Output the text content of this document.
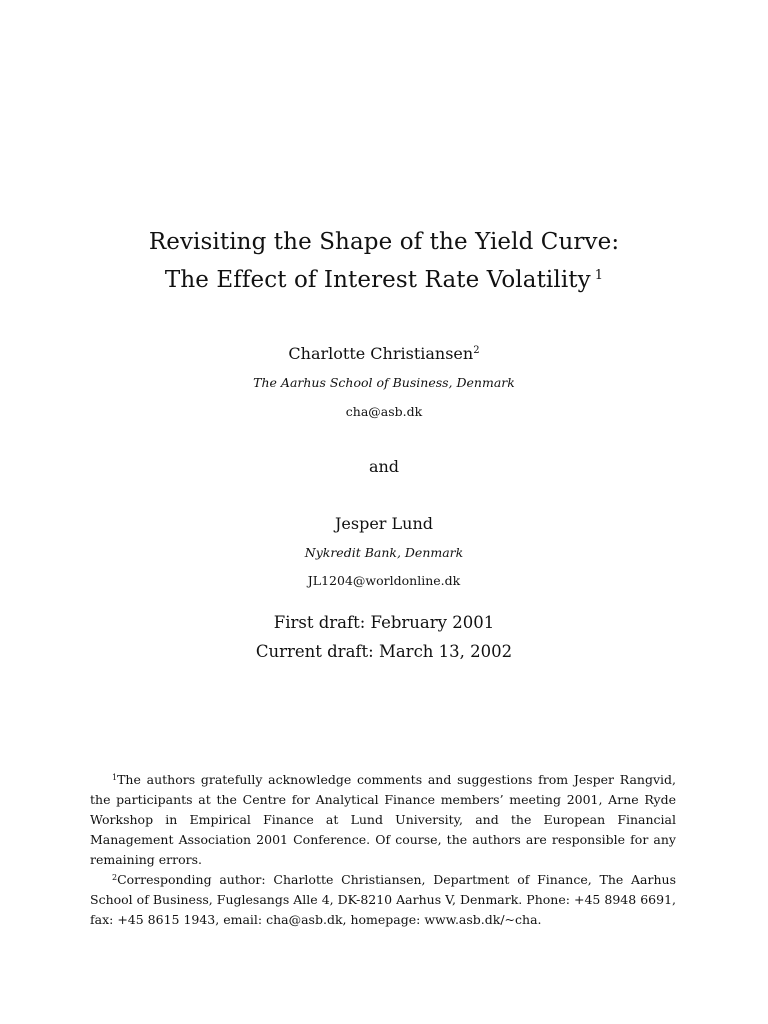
Revisiting the Shape of the Yield Curve:
The Effect of Interest Rate Volatility $^1$
Charlotte Christiansen$^2$
The Aarhus School of Business, Denmark
cha@asb.dk
and
Jesper Lund
Nykredit Bank, Denmark
JL1204@worldonline.dk
First draft: February 2001
Current draft: March 13, 2002

$^1$The authors gratefully acknowledge comments and suggestions from Jesper Rangvid, the participants at the Centre for Analytical Finance members’ meeting 2001, Arne Ryde Workshop in Empirical Finance at Lund University, and the European Financial Management Association 2001 Conference. Of course, the authors are responsible for any remaining errors.

$^2$Corresponding author: Charlotte Christiansen, Department of Finance, The Aarhus School of Business, Fuglesangs Alle 4, DK-8210 Aarhus V, Denmark. Phone: +45 8948 6691, fax: +45 8615 1943, email: cha@asb.dk, homepage: www.asb.dk/~cha.
